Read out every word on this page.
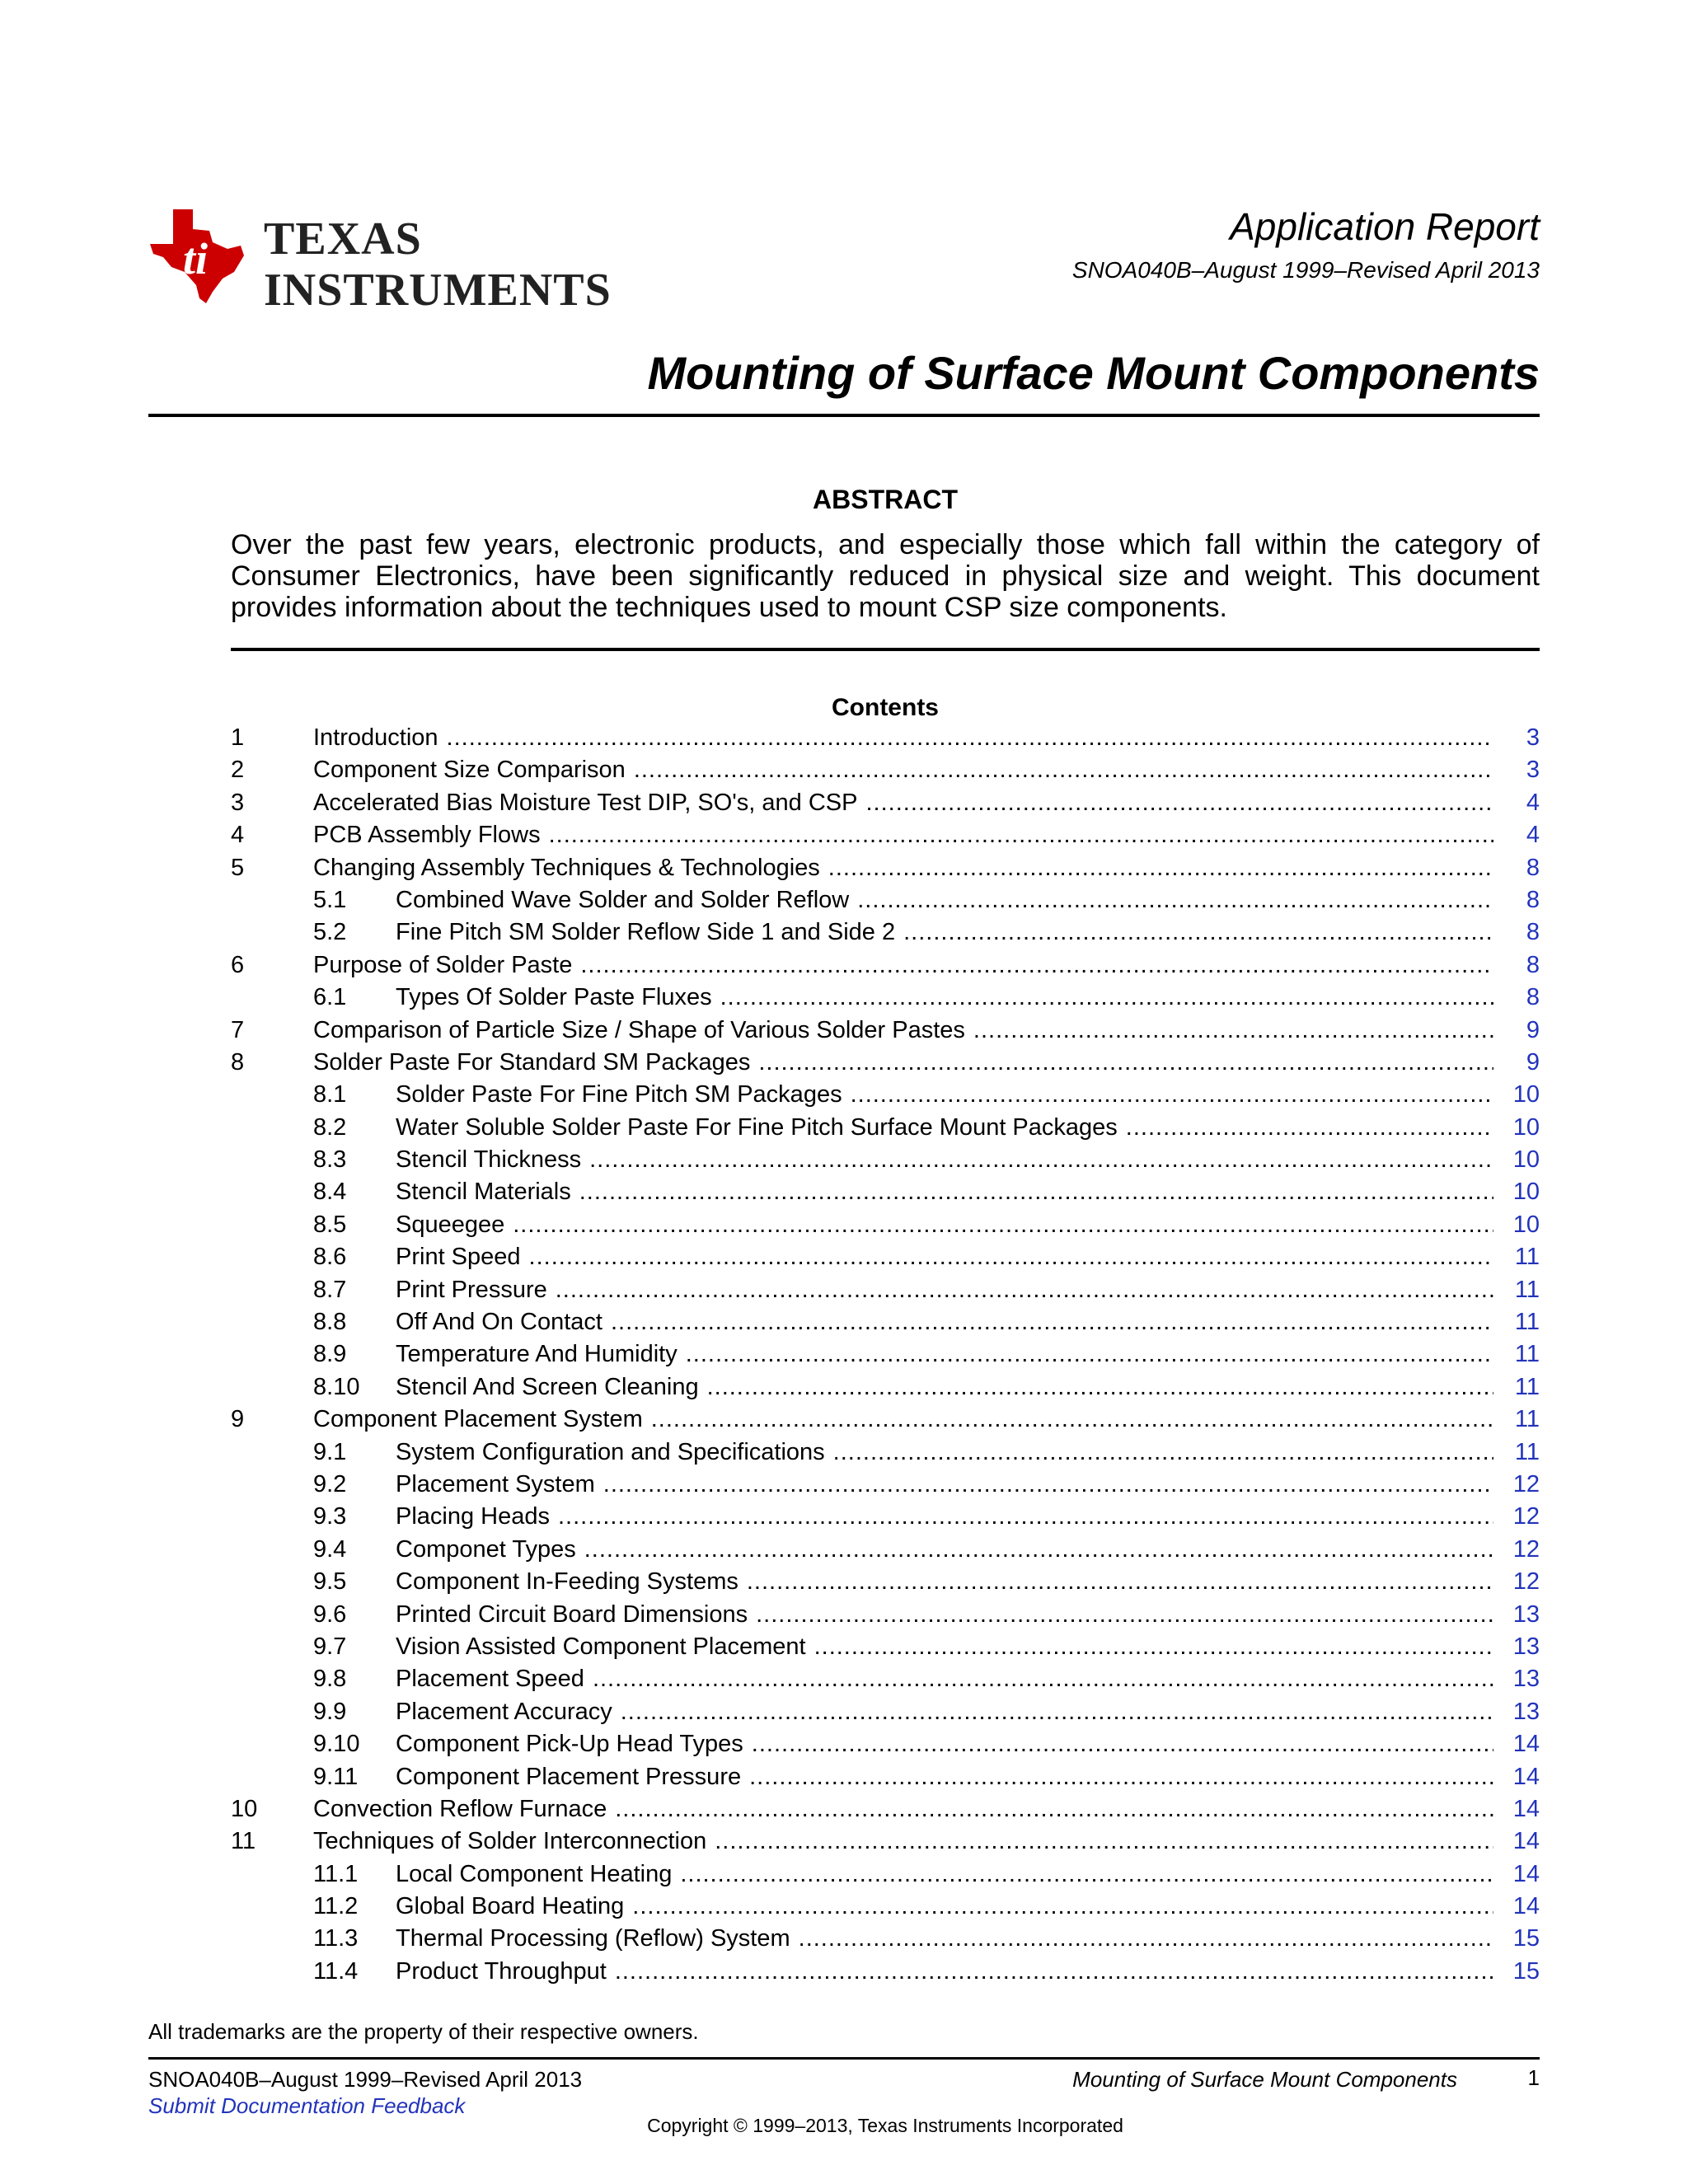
ti TEXAS
INSTRUMENTS
Application Report
SNOA040B–August 1999–Revised April 2013
Mounting of Surface Mount Components
ABSTRACT
Over the past few years, electronic products, and especially those which fall within the category of Consumer Electronics, have been significantly reduced in physical size and weight. This document provides information about the techniques used to mount CSP size components.
Contents
1	Introduction .....	3
2	Component Size Comparison .....	3
3	Accelerated Bias Moisture Test DIP, SO's, and CSP .....	4
4	PCB Assembly Flows .....	4
5	Changing Assembly Techniques & Technologies .....	8
5.1 Combined Wave Solder and Solder Reflow .....	8
5.2 Fine Pitch SM Solder Reflow Side 1 and Side 2 .....	8
6	Purpose of Solder Paste .....	8
6.1 Types Of Solder Paste Fluxes .....	8
7	Comparison of Particle Size / Shape of Various Solder Pastes .....	9
8	Solder Paste For Standard SM Packages .....	9
8.1 Solder Paste For Fine Pitch SM Packages .....	10
8.2 Water Soluble Solder Paste For Fine Pitch Surface Mount Packages .....	10
8.3 Stencil Thickness .....	10
8.4 Stencil Materials .....	10
8.5 Squeegee .....	10
8.6 Print Speed .....	11
8.7 Print Pressure .....	11
8.8 Off And On Contact .....	11
8.9 Temperature And Humidity .....	11
8.10 Stencil And Screen Cleaning .....	11
9	Component Placement System .....	11
9.1 System Configuration and Specifications .....	11
9.2 Placement System .....	12
9.3 Placing Heads .....	12
9.4 Componet Types .....	12
9.5 Component In-Feeding Systems .....	12
9.6 Printed Circuit Board Dimensions .....	13
9.7 Vision Assisted Component Placement .....	13
9.8 Placement Speed .....	13
9.9 Placement Accuracy .....	13
9.10 Component Pick-Up Head Types .....	14
9.11 Component Placement Pressure .....	14
10 Convection Reflow Furnace .....	14
11 Techniques of Solder Interconnection .....	14
11.1 Local Component Heating .....	14
11.2 Global Board Heating .....	14
11.3 Thermal Processing (Reflow) System .....	15
11.4 Product Throughput .....	15
All trademarks are the property of their respective owners.
SNOA040B–August 1999–Revised April 2013
Submit Documentation Feedback
Mounting of Surface Mount Components	1
Copyright © 1999–2013, Texas Instruments Incorporated
